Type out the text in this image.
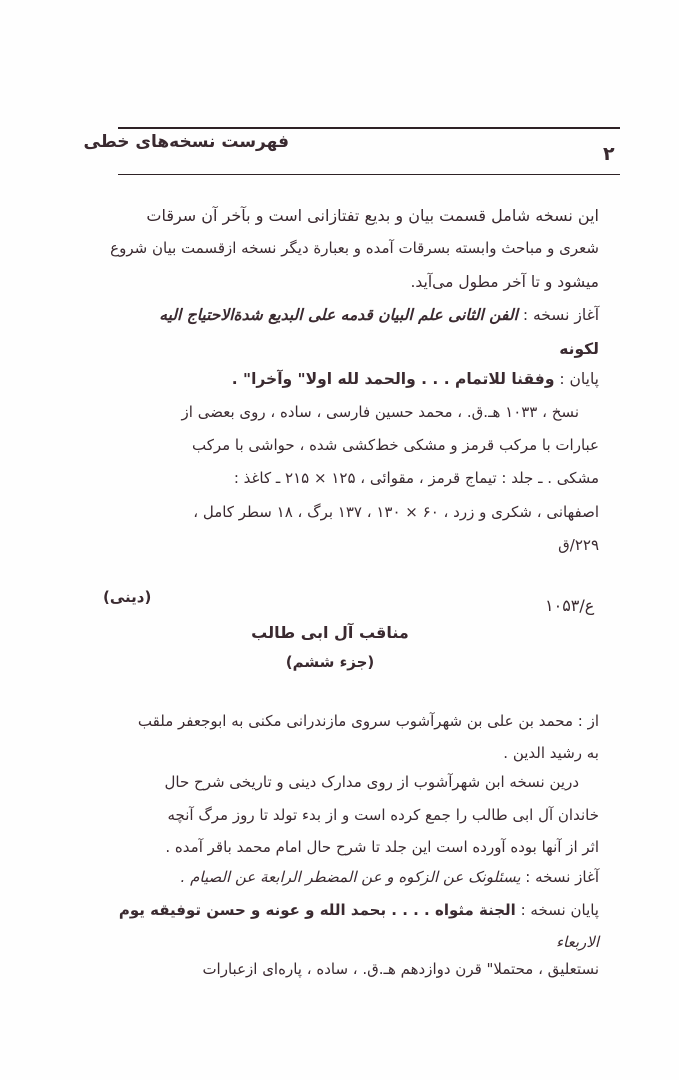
فهرست نسخه‌های خطی
۲
این نسخه شامل قسمت بیان و بدیع تفتازانی است و بآخر آن سرقات
شعری و مباحث وابسته بسرقات آمده و بعبارة دیگر نسخه ازقسمت بیان شروع
میشود و تا آخر مطول می‌آید.
آغاز نسخه : الفن الثانی علم البیان قدمه علی البدیع شدةالاحتیاج الیه
لکونه
پایان : وفقنا للاتمام . . . والحمد لله اولا" وآخرا" .
نسخ ، ۱۰۳۳ هـ.ق. ، محمد حسین فارسی ، ساده ، روی بعضی از
عبارات با مرکب قرمز و مشکی خط‌کشی شده ، حواشی با مرکب
مشکی . ـ جلد : تیماج قرمز ، مقوائی ، ۱۲۵ × ۲۱۵ ـ کاغذ :
اصفهانی ، شکری و زرد ، ۶۰ × ۱۳۰ ، ۱۳۷ برگ ، ۱۸ سطر کامل ،
۲۲۹/ق
۱۰۵۳/ع
(دینی)
مناقب آل ابی طالب
(جزء ششم)
از : محمد بن علی بن شهرآشوب سروی مازندرانی مکنی به ابوجعفر ملقب
به رشید الدین .
درین نسخه ابن شهرآشوب از روی مدارک دینی و تاریخی شرح حال
خاندان آل ابی طالب را جمع کرده است و از بدء تولد تا روز مرگ آنچه
اثر از آنها بوده آورده است این جلد تا شرح حال امام محمد باقر آمده .
آغاز نسخه : یسئلونک عن الزکوه و عن المضطر الرابعة عن الصیام .
پایان نسخه : الجنة مثواه . . . . بحمد الله و عونه و حسن توفیقه یوم
الاربعاء
نستعلیق ، محتملا" قرن دوازدهم هـ.ق. ، ساده ، پاره‌ای ازعبارات
